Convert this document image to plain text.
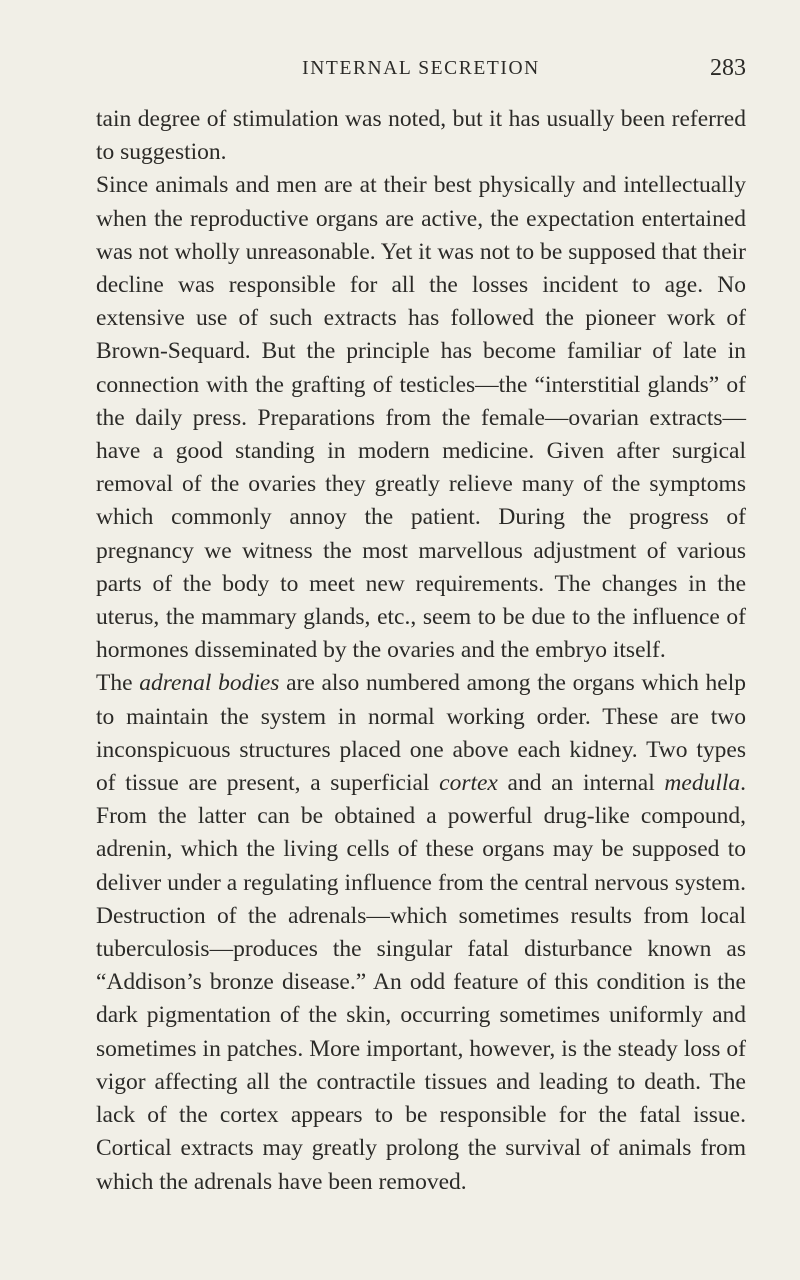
INTERNAL SECRETION	283

tain degree of stimulation was noted, but it has usually been referred to suggestion.

Since animals and men are at their best physically and intellectually when the reproductive organs are active, the expectation entertained was not wholly unreasonable. Yet it was not to be supposed that their decline was responsible for all the losses incident to age. No extensive use of such extracts has followed the pioneer work of Brown-Sequard. But the principle has become familiar of late in connection with the grafting of testicles—the “interstitial glands” of the daily press. Preparations from the female—ovarian extracts—have a good standing in modern medicine. Given after surgical removal of the ovaries they greatly relieve many of the symptoms which commonly annoy the patient. During the progress of pregnancy we witness the most marvellous adjustment of various parts of the body to meet new requirements. The changes in the uterus, the mammary glands, etc., seem to be due to the influence of hormones disseminated by the ovaries and the embryo itself.

The adrenal bodies are also numbered among the organs which help to maintain the system in normal working order. These are two inconspicuous structures placed one above each kidney. Two types of tissue are present, a superficial cortex and an internal medulla. From the latter can be obtained a powerful drug-like compound, adrenin, which the living cells of these organs may be supposed to deliver under a regulating influence from the central nervous system. Destruction of the adrenals—which sometimes results from local tuberculosis—produces the singular fatal disturbance known as “Addison’s bronze disease.” An odd feature of this condition is the dark pigmentation of the skin, occurring sometimes uniformly and sometimes in patches. More important, however, is the steady loss of vigor affecting all the contractile tissues and leading to death. The lack of the cortex appears to be responsible for the fatal issue. Cortical extracts may greatly prolong the survival of animals from which the adrenals have been removed.
